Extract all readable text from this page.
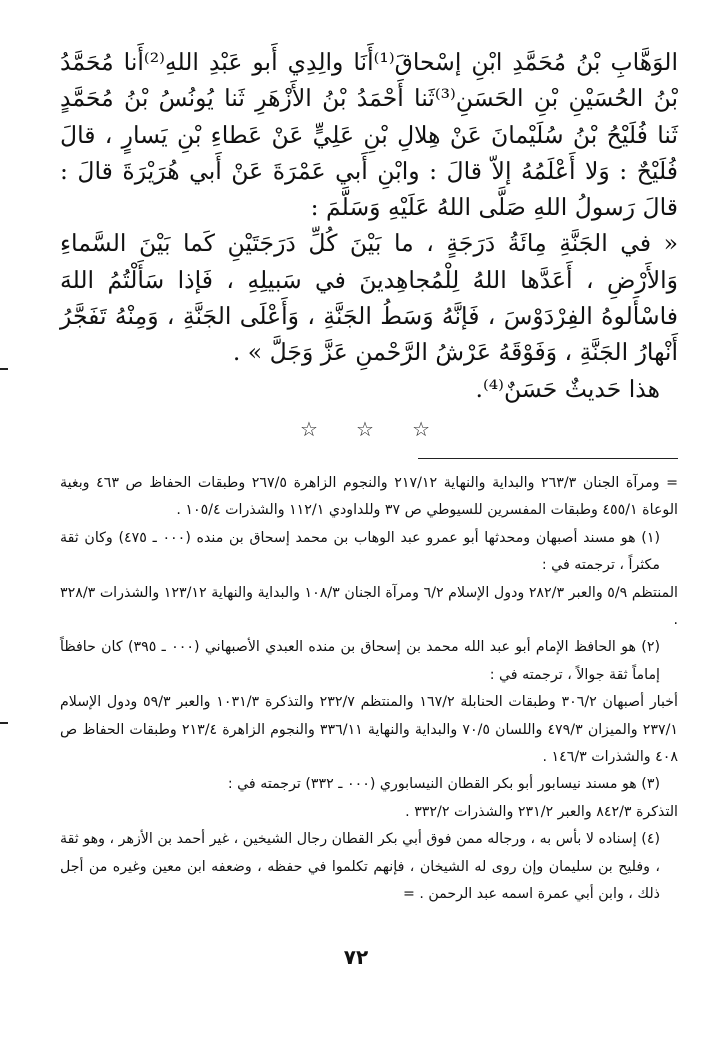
الوَهَّابِ بْنُ مُحَمَّدِ ابْنِ إسْحاقَ⁽¹⁾أَنَا والِدِي أَبو عَبْدِ اللهِ⁽²⁾أَنا مُحَمَّدُ بْنُ الحُسَيْنِ بْنِ الحَسَنِ⁽³⁾ثَنا أَحْمَدُ بْنُ الأَزْهَرِ ثَنا يُونُسُ بْنُ مُحَمَّدٍ ثَنا فُلَيْحُ بْنُ سُلَيْمانَ عَنْ هِلالِ بْنِ عَلِيٍّ عَنْ عَطاءِ بْنِ يَسارٍ ، قالَ فُلَيْحٌ : وَلا أَعْلَمُهُ إلاّ قالَ : وابْنِ أَبي عَمْرَةَ عَنْ أَبي هُرَيْرَةَ قالَ : قالَ رَسولُ اللهِ صَلَّى اللهُ عَلَيْهِ وَسَلَّمَ :

« في الجَنَّةِ مِائَةُ دَرَجَةٍ ، ما بَيْنَ كُلِّ دَرَجَتَيْنِ كَما بَيْنَ السَّماءِ وَالأَرْضِ ، أَعَدَّها اللهُ لِلْمُجاهِدينَ في سَبيلِهِ ، فَإذا سَأَلْتُمُ اللهَ فاسْأَلوهُ الفِرْدَوْسَ ، فَإنَّهُ وَسَطُ الجَنَّةِ ، وَأَعْلَى الجَنَّةِ ، وَمِنْهُ تَفَجَّرُ أَنْهارُ الجَنَّةِ ، وَفَوْقَهُ عَرْشُ الرَّحْمنِ عَزَّ وَجَلَّ » .

هذا حَديثٌ حَسَنٌ⁽⁴⁾.

☆ ☆ ☆

= ومرآة الجنان ٢٦٣/٣ والبداية والنهاية ٢١٧/١٢ والنجوم الزاهرة ٢٦٧/٥ وطبقات الحفاظ ص ٤٦٣ وبغية الوعاة ٤٥٥/١ وطبقات المفسرين للسيوطي ص ٣٧ وللداودي ١١٢/١ والشذرات ١٠٥/٤ .

(١) هو مسند أصبهان ومحدثها أبو عمرو عبد الوهاب بن محمد إسحاق بن منده (٠٠٠ ـ ٤٧٥) وكان ثقة مكثراً ، ترجمته في :

المنتظم ٥/٩ والعبر ٢٨٢/٣ ودول الإسلام ٦/٢ ومرآة الجنان ١٠٨/٣ والبداية والنهاية ١٢٣/١٢ والشذرات ٣٢٨/٣ .

(٢) هو الحافظ الإمام أبو عبد الله محمد بن إسحاق بن منده العبدي الأصبهاني (٠٠٠ ـ ٣٩٥) كان حافظاً إماماً ثقة جوالاً ، ترجمته في :

أخبار أصبهان ٣٠٦/٢ وطبقات الحنابلة ١٦٧/٢ والمنتظم ٢٣٢/٧ والتذكرة ١٠٣١/٣ والعبر ٥٩/٣ ودول الإسلام ٢٣٧/١ والميزان ٤٧٩/٣ واللسان ٧٠/٥ والبداية والنهاية ٣٣٦/١١ والنجوم الزاهرة ٢١٣/٤ وطبقات الحفاظ ص ٤٠٨ والشذرات ١٤٦/٣ .

(٣) هو مسند نيسابور أبو بكر القطان النيسابوري (٠٠٠ ـ ٣٣٢) ترجمته في :

التذكرة ٨٤٢/٣ والعبر ٢٣١/٢ والشذرات ٣٣٢/٢ .

(٤) إسناده لا بأس به ، ورجاله ممن فوق أبي بكر القطان رجال الشيخين ، غير أحمد بن الأزهر ، وهو ثقة ، وفليح بن سليمان وإن روى له الشيخان ، فإنهم تكلموا في حفظه ، وضعفه ابن معين وغيره من أجل ذلك ، وابن أبي عمرة اسمه عبد الرحمن . =

٧٢
